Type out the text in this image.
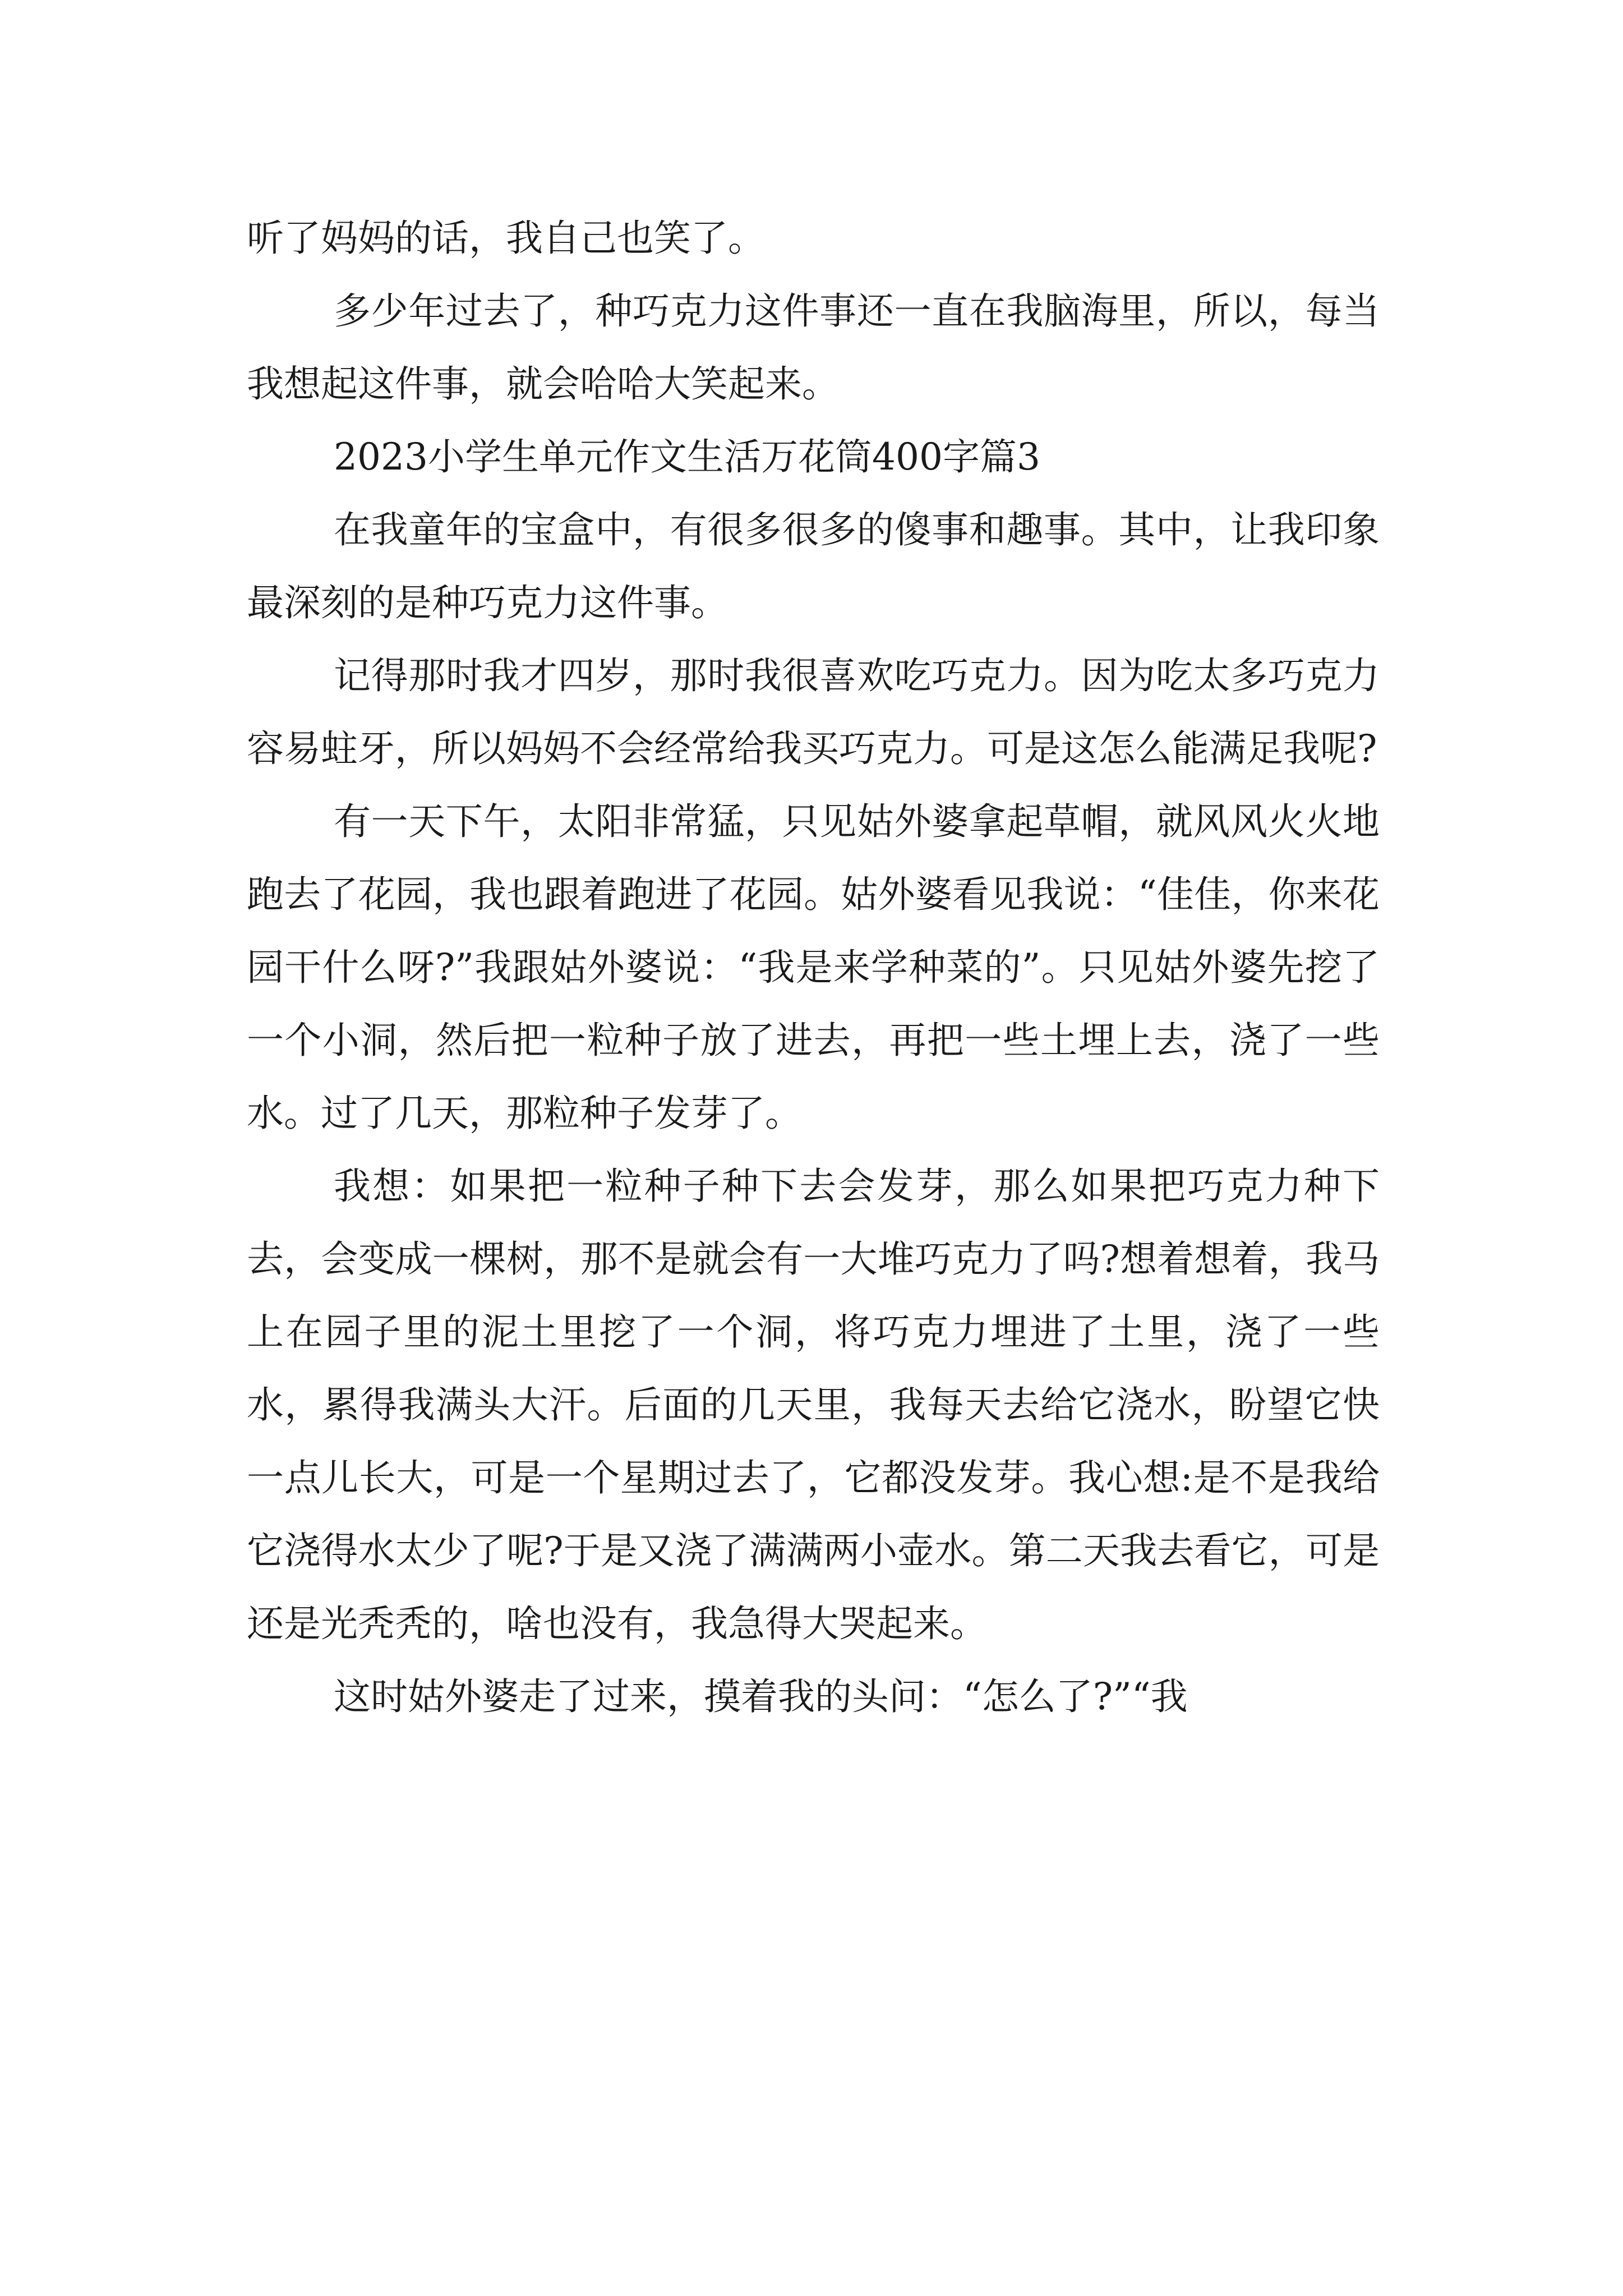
听了妈妈的话，我自己也笑了。

多少年过去了，种巧克力这件事还一直在我脑海里，所以，每当我想起这件事，就会哈哈大笑起来。

2023小学生单元作文生活万花筒400字篇3

在我童年的宝盒中，有很多很多的傻事和趣事。其中，让我印象最深刻的是种巧克力这件事。

记得那时我才四岁，那时我很喜欢吃巧克力。因为吃太多巧克力容易蛀牙，所以妈妈不会经常给我买巧克力。可是这怎么能满足我呢?

有一天下午，太阳非常猛，只见姑外婆拿起草帽，就风风火火地跑去了花园，我也跟着跑进了花园。姑外婆看见我说：“佳佳，你来花园干什么呀?”我跟姑外婆说：“我是来学种菜的”。只见姑外婆先挖了一个小洞，然后把一粒种子放了进去，再把一些土埋上去，浇了一些水。过了几天，那粒种子发芽了。

我想：如果把一粒种子种下去会发芽，那么如果把巧克力种下去，会变成一棵树，那不是就会有一大堆巧克力了吗?想着想着，我马上在园子里的泥土里挖了一个洞，将巧克力埋进了土里，浇了一些水，累得我满头大汗。后面的几天里，我每天去给它浇水，盼望它快一点儿长大，可是一个星期过去了，它都没发芽。我心想:是不是我给它浇得水太少了呢?于是又浇了满满两小壶水。第二天我去看它，可是还是光秃秃的，啥也没有，我急得大哭起来。

这时姑外婆走了过来，摸着我的头问：“怎么了?”“我
